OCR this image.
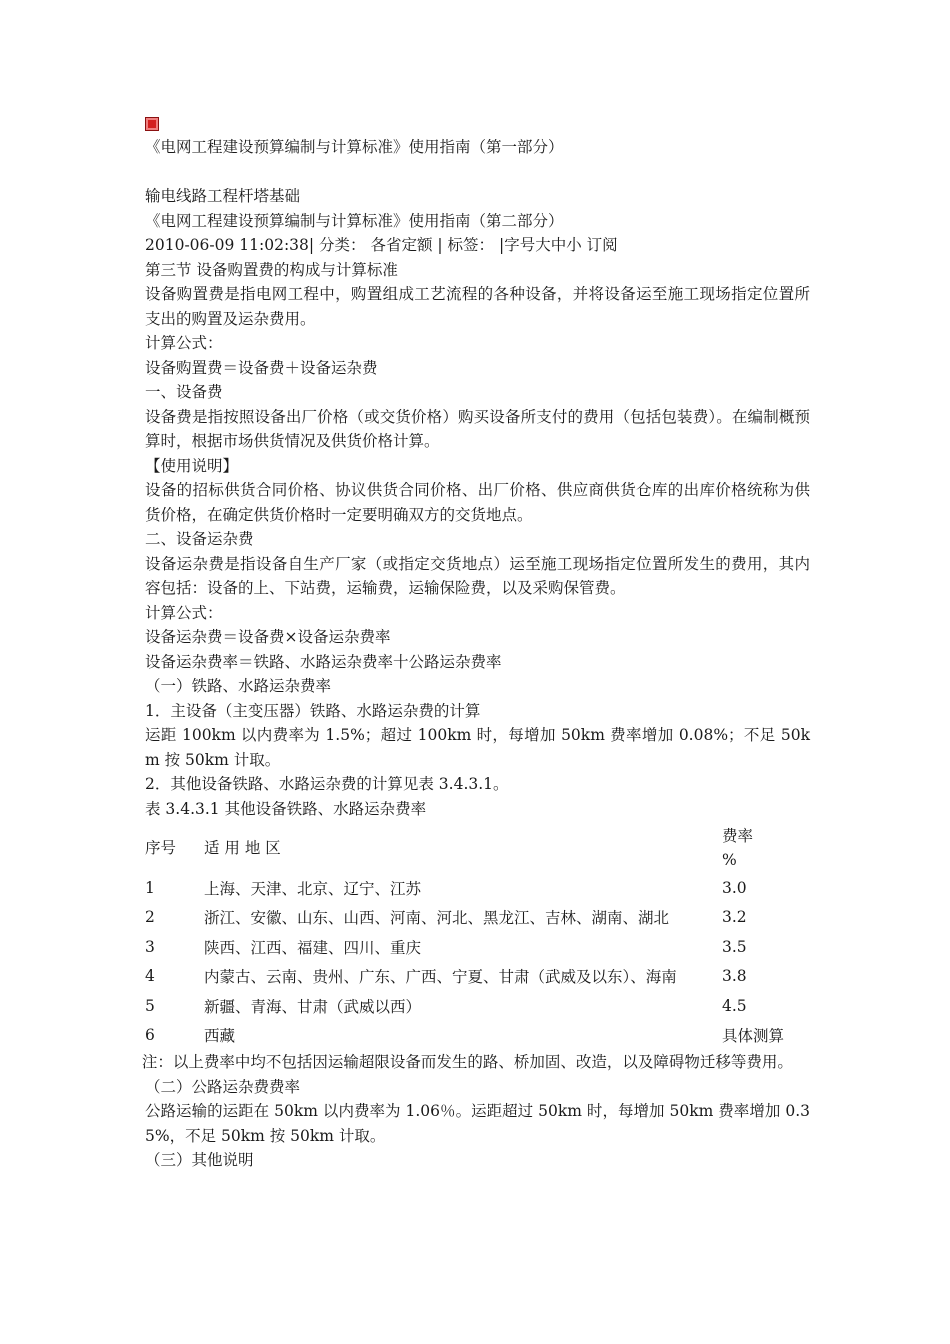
《电网工程建设预算编制与计算标准》使用指南（第一部分）
输电线路工程杆塔基础
《电网工程建设预算编制与计算标准》使用指南（第二部分）
2010-06-09 11:02:38| 分类： 各省定额 | 标签： |字号大中小 订阅
第三节 设备购置费的构成与计算标准
设备购置费是指电网工程中，购置组成工艺流程的各种设备，并将设备运至施工现场指定位置所支出的购置及运杂费用。
计算公式：
设备购置费＝设备费＋设备运杂费
一、设备费
设备费是指按照设备出厂价格（或交货价格）购买设备所支付的费用（包括包装费）。在编制概预算时，根据市场供货情况及供货价格计算。
【使用说明】
设备的招标供货合同价格、协议供货合同价格、出厂价格、供应商供货仓库的出库价格统称为供货价格，在确定供货价格时一定要明确双方的交货地点。
二、设备运杂费
设备运杂费是指设备自生产厂家（或指定交货地点）运至施工现场指定位置所发生的费用，其内容包括：设备的上、下站费，运输费，运输保险费，以及采购保管费。
计算公式：
设备运杂费＝设备费×设备运杂费率
设备运杂费率＝铁路、水路运杂费率十公路运杂费率
（一）铁路、水路运杂费率
1．主设备（主变压器）铁路、水路运杂费的计算
运距 100km 以内费率为 1.5%；超过 100km 时，每增加 50km 费率增加 0.08%；不足 50km 按 50km 计取。
2．其他设备铁路、水路运杂费的计算见表 3.4.3.1。
表 3.4.3.1 其他设备铁路、水路运杂费率
序号	适 用 地 区	费率
%

1	上海、天津、北京、辽宁、江苏	3.0
2	浙江、安徽、山东、山西、河南、河北、黑龙江、吉林、湖南、湖北	3.2
3	陕西、江西、福建、四川、重庆	3.5
4	内蒙古、云南、贵州、广东、广西、宁夏、甘肃（武威及以东）、海南	3.8
5	新疆、青海、甘肃（武威以西）	4.5
6	西藏	具体测算
注：以上费率中均不包括因运输超限设备而发生的路、桥加固、改造，以及障碍物迁移等费用。
（二）公路运杂费费率
公路运输的运距在 50km 以内费率为 1.06％。运距超过 50km 时，每增加 50km 费率增加 0.35%，不足 50km 按 50km 计取。
（三）其他说明
